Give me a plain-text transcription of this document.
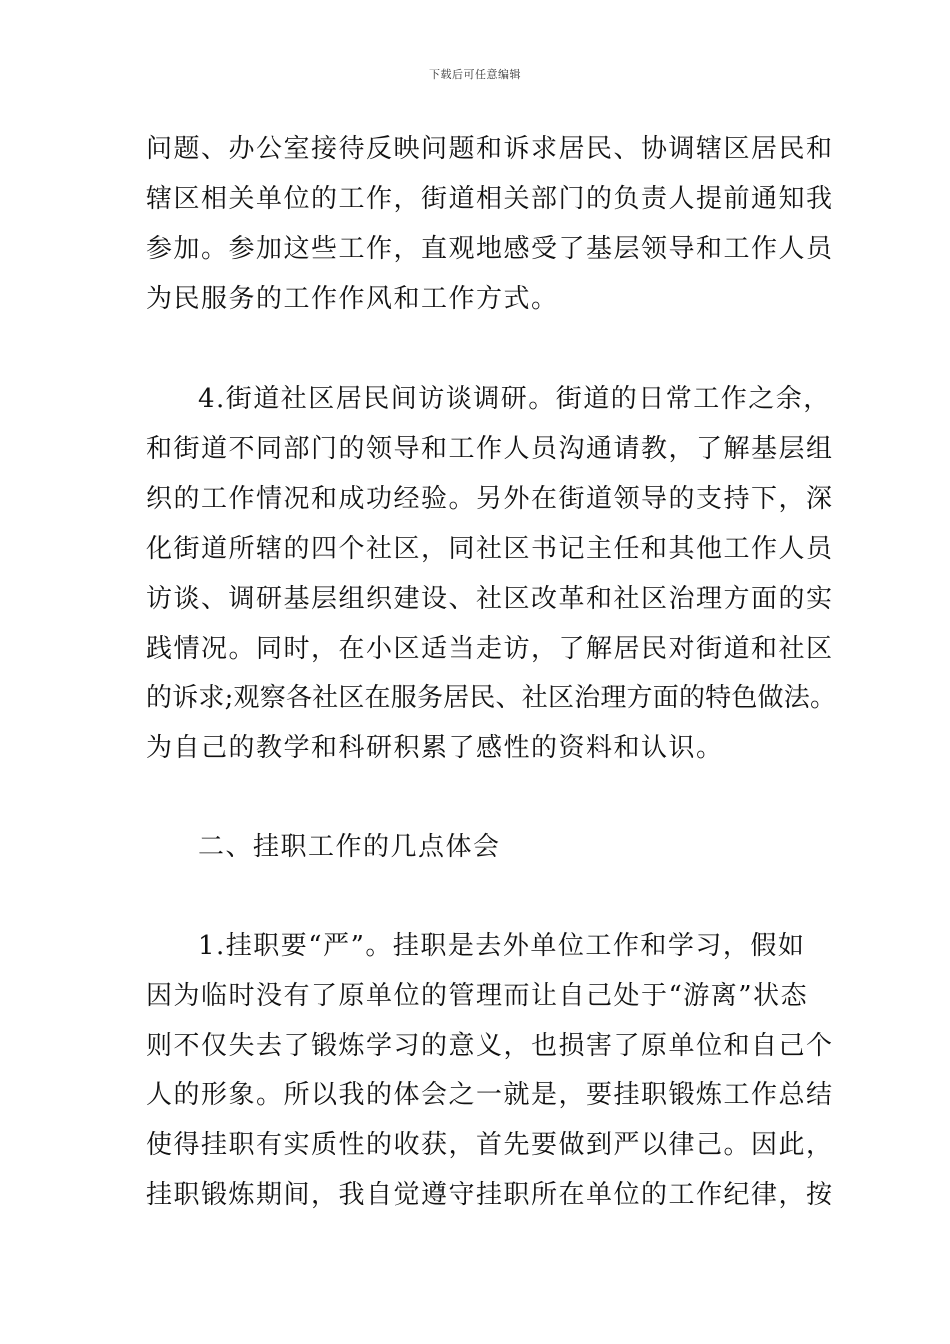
下载后可任意编辑
问题、办公室接待反映问题和诉求居民、协调辖区居民和
辖区相关单位的工作，街道相关部门的负责人提前通知我
参加。参加这些工作，直观地感受了基层领导和工作人员
为民服务的工作作风和工作方式。
4.街道社区居民间访谈调研。街道的日常工作之余，
和街道不同部门的领导和工作人员沟通请教，了解基层组
织的工作情况和成功经验。另外在街道领导的支持下，深
化街道所辖的四个社区，同社区书记主任和其他工作人员
访谈、调研基层组织建设、社区改革和社区治理方面的实
践情况。同时，在小区适当走访，了解居民对街道和社区
的诉求;观察各社区在服务居民、社区治理方面的特色做法。
为自己的教学和科研积累了感性的资料和认识。
二、挂职工作的几点体会
1.挂职要“严”。挂职是去外单位工作和学习，假如
因为临时没有了原单位的管理而让自己处于“游离”状态
则不仅失去了锻炼学习的意义，也损害了原单位和自己个
人的形象。所以我的体会之一就是，要挂职锻炼工作总结
使得挂职有实质性的收获，首先要做到严以律己。因此，
挂职锻炼期间，我自觉遵守挂职所在单位的工作纪律，按
